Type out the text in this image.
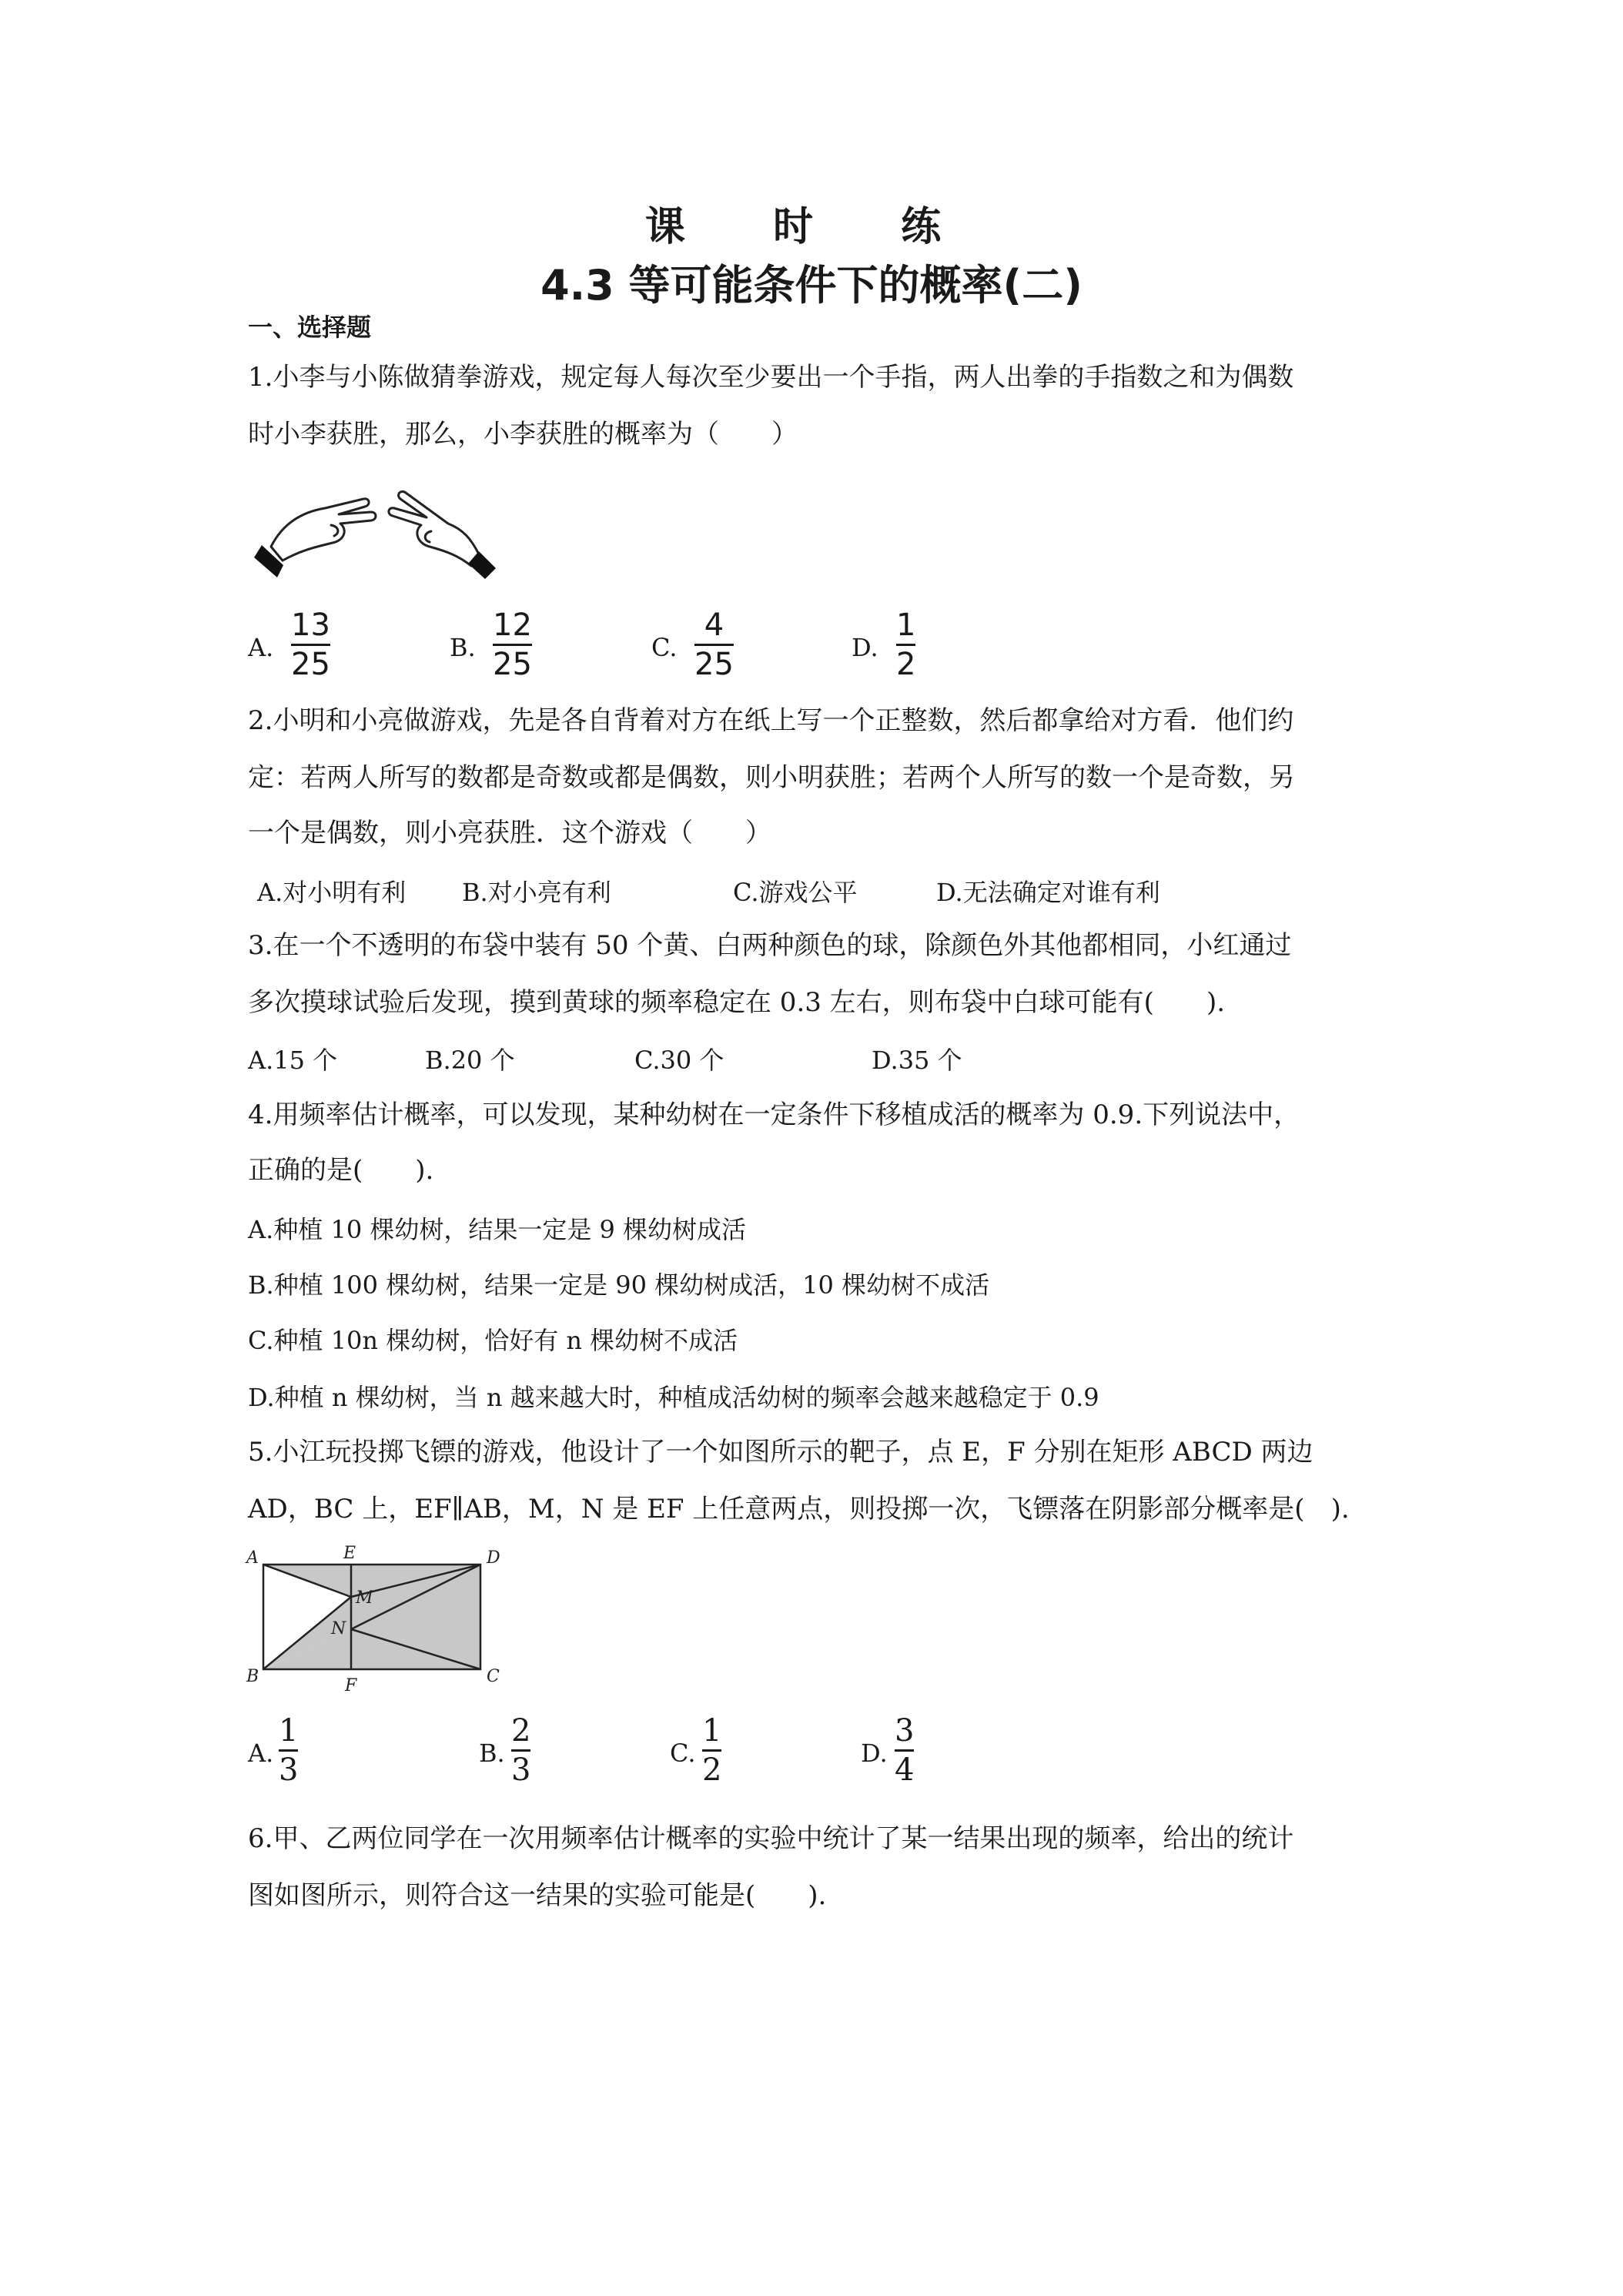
课 时 练
4.3 等可能条件下的概率(二)
一、选择题
1.小李与小陈做猜拳游戏，规定每人每次至少要出一个手指，两人出拳的手指数之和为偶数
时小李获胜，那么，小李获胜的概率为（　　）
A.
13
25	B.
12
25	C.
4
25	D.
1
2
2.小明和小亮做游戏，先是各自背着对方在纸上写一个正整数，然后都拿给对方看．他们约
定：若两人所写的数都是奇数或都是偶数，则小明获胜；若两个人所写的数一个是奇数，另
一个是偶数，则小亮获胜．这个游戏（　　）
A.对小明有利 B.对小亮有利	C.游戏公平	D.无法确定对谁有利
3.在一个不透明的布袋中装有 50 个黄、白两种颜色的球，除颜色外其他都相同，小红通过
多次摸球试验后发现，摸到黄球的频率稳定在 0.3 左右，则布袋中白球可能有(　　).
A.15 个	B.20 个	C.30 个	D.35 个
4.用频率估计概率，可以发现，某种幼树在一定条件下移植成活的概率为 0.9.下列说法中，
正确的是(　　).
A.种植 10 棵幼树，结果一定是 9 棵幼树成活
B.种植 100 棵幼树，结果一定是 90 棵幼树成活，10 棵幼树不成活
C.种植 10n 棵幼树，恰好有 n 棵幼树不成活
D.种植 n 棵幼树，当 n 越来越大时，种植成活幼树的频率会越来越稳定于 0.9
5.小江玩投掷飞镖的游戏，他设计了一个如图所示的靶子，点 E，F 分别在矩形 ABCD 两边
AD，BC 上，EF∥AB，M，N 是 EF 上任意两点，则投掷一次，飞镖落在阴影部分概率是(　).
A	E	D
M
N
B	F	C
A.
1
3	B.
2
3	C.
1
2	D.
3
4
6.甲、乙两位同学在一次用频率估计概率的实验中统计了某一结果出现的频率，给出的统计
图如图所示，则符合这一结果的实验可能是(　　).
